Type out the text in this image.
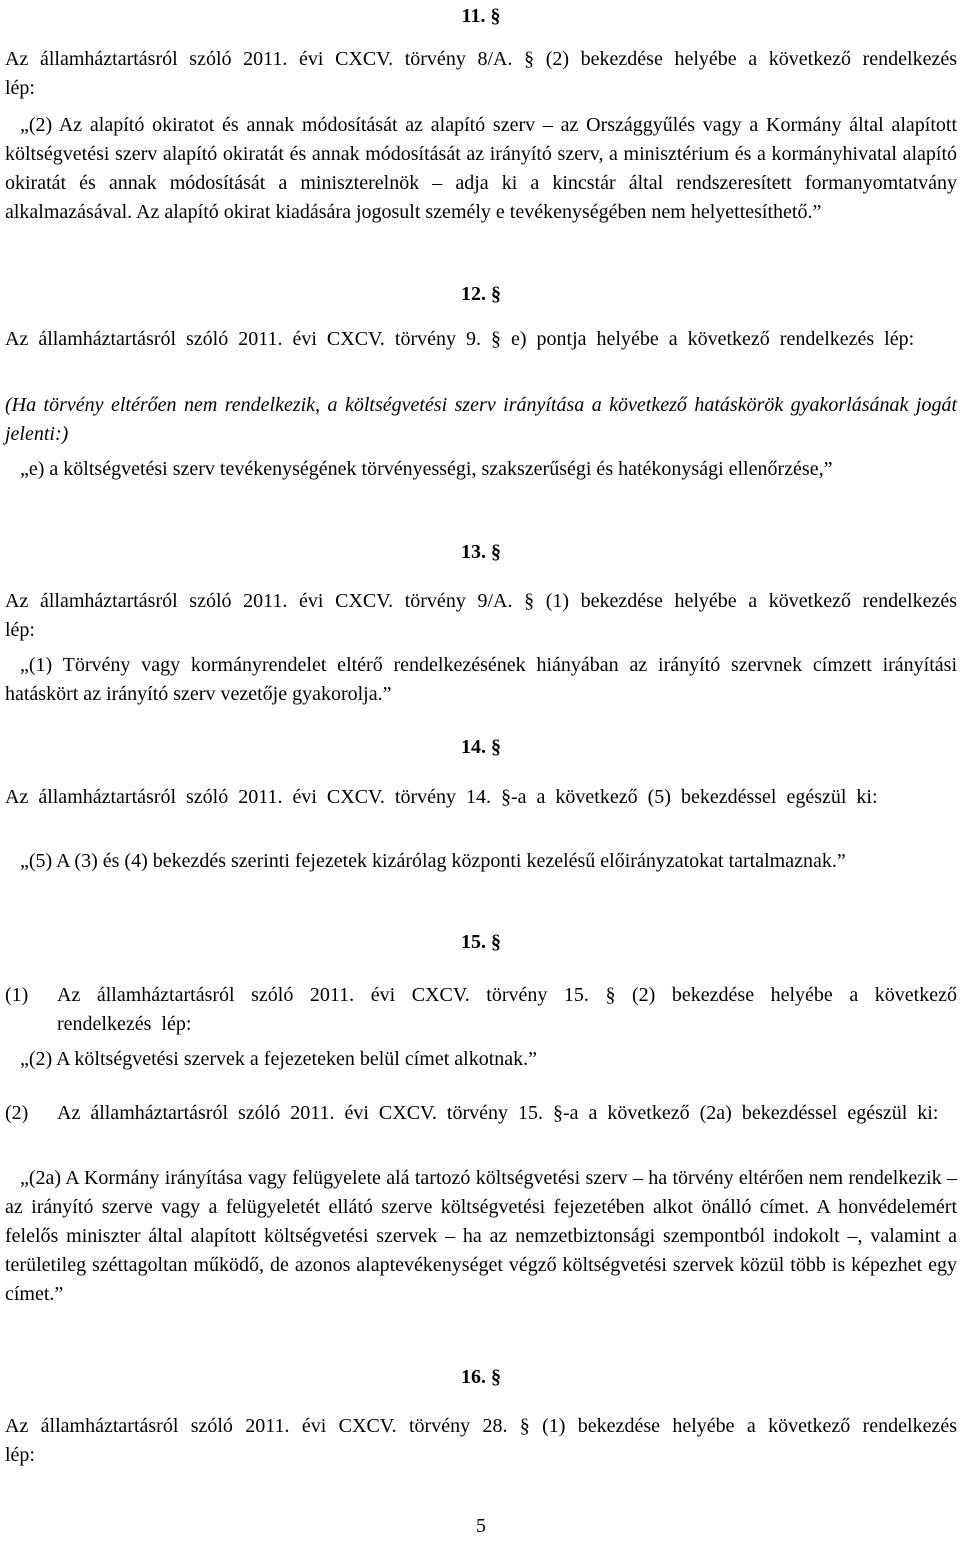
11. §

Az államháztartásról szóló 2011. évi CXCV. törvény 8/A. § (2) bekezdése helyébe a következő rendelkezés lép:

„(2) Az alapító okiratot és annak módosítását az alapító szerv – az Országgyűlés vagy a Kormány által alapított költségvetési szerv alapító okiratát és annak módosítását az irányító szerv, a minisztérium és a kormányhivatal alapító okiratát és annak módosítását a miniszterelnök – adja ki a kincstár által rendszeresített formanyomtatvány alkalmazásával. Az alapító okirat kiadására jogosult személy e tevékenységében nem helyettesíthető.”

12. §

Az államháztartásról szóló 2011. évi CXCV. törvény 9. § e) pontja helyébe a következő rendelkezés lép:

(Ha törvény eltérően nem rendelkezik, a költségvetési szerv irányítása a következő hatáskörök gyakorlásának jogát jelenti:)

„e) a költségvetési szerv tevékenységének törvényességi, szakszerűségi és hatékonysági ellenőrzése,”

13. §

Az államháztartásról szóló 2011. évi CXCV. törvény 9/A. § (1) bekezdése helyébe a következő rendelkezés lép:

„(1) Törvény vagy kormányrendelet eltérő rendelkezésének hiányában az irányító szervnek címzett irányítási hatáskört az irányító szerv vezetője gyakorolja.”

14. §

Az államháztartásról szóló 2011. évi CXCV. törvény 14. §-a a következő (5) bekezdéssel egészül ki:

„(5) A (3) és (4) bekezdés szerinti fejezetek kizárólag központi kezelésű előirányzatokat tartalmaznak.”

15. §
(1) Az államháztartásról szóló 2011. évi CXCV. törvény 15. § (2) bekezdése helyébe a következő rendelkezés lép:

„(2) A költségvetési szervek a fejezeteken belül címet alkotnak.”

(2) Az államháztartásról szóló 2011. évi CXCV. törvény 15. §-a a következő (2a) bekezdéssel egészül ki:

„(2a) A Kormány irányítása vagy felügyelete alá tartozó költségvetési szerv – ha törvény eltérően nem rendelkezik – az irányító szerve vagy a felügyeletét ellátó szerve költségvetési fejezetében alkot önálló címet. A honvédelemért felelős miniszter által alapított költségvetési szervek – ha az nemzetbiztonsági szempontból indokolt –, valamint a területileg széttagoltan működő, de azonos alaptevékenységet végző költségvetési szervek közül több is képezhet egy címet.”

16. §

Az államháztartásról szóló 2011. évi CXCV. törvény 28. § (1) bekezdése helyébe a következő rendelkezés lép:

5
